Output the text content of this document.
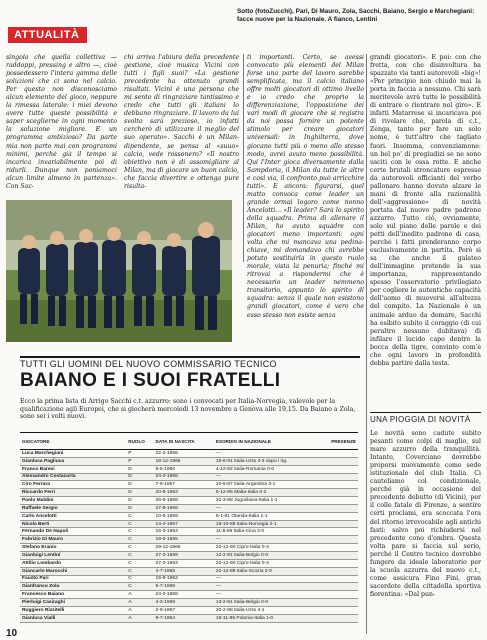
ATTUALITÀ
Sotto (fotoZucchi), Pari, Di Mauro, Zola, Sacchi, Baiano, Sergio e Marchegiani: facce nuove per la Nazionale. A fianco, Lentini
singola che quella collettiva — raddoppi, pressing e altro —, cioè possedessero l'intera gamma delle soluzioni che ci sono nel calcio. Per questo non disconosciamo alcun elemento del gioco, neppure la rimessa laterale: i miei devono avere tutte queste possibilità e saper sceglierne in ogni momento la soluzione migliore. E un programma ambizioso? Da parte mia non parto mai con programmi minimi, perché già il tempo si incarica invariabilmente poi di ridurli. Dunque non poniamoci alcun limite almeno in partenza». Con Sac-
chi arriva l'abiura della precedente gestione, cioè musica Vicini con tutti i figli suoi? «La gestione precedente ha ottenuto grandi risultati. Vicini è una persona che mi sento di ringraziare tantissimo e credo che tutti gli italiani lo debbano ringraziare. Il lavoro da lui svolto sarà prezioso, io infatti cercherò di utilizzare il meglio del suo operato». Sacchi è un Milan-dipendente, se pensa al «suuo» calcio, vede rossonero? «Il nostro obiettivo non è di assomigliare al Milan, ma di giocare un buon calcio, che faccia divertire e ottenga pure risulta-
ti importanti. Certo, se avessi convocato più elementi del Milan forse una parte del lavoro sarebbe semplificata, ma il calcio italiano offre molti giocatori di ottimo livello e io credo che proprio la differenziazione, l'opposizione dei vari modi di giocare che si registra da noi possa fornire un potente stimolo per creare giocatori universali: in Inghilterra, dove giocano tutti più o meno allo stesso modo, avrei avuto meno possibilità. Qui l'Inter gioca diversamente dalla Sampdoria, il Milan da tutte le altre e così via, il confronto può arricchire tutti». E ancora: figurarsi, quel matto convoca come leader un grande ormai logoro come nonno Ancelotti... «Il leader? Sarà lo spirito della squadra. Prima di allenare il Milan, ho avuto squadre con giocatori meno importanti: ogni volta che mi mancava una pedina-chiave, mi domandavo chi avrebbe potuto sostituirla in questo ruolo morale, vista la penuria; finché mi ritrovai a rispondermi che è necessario un leader nemmeno transitorio, appunto lo spirito di squadra: senza il quale non esistono grandi giocatori, come è vero che esso stesso non esiste senza
grandi giocatori». E poi: con che fretta, con che disinvoltura ha spazzato via tanti autorevoli «big»! «Per principio non chiudo mai la porta in faccia a nessuno. Chi sarà meritevole avrà tutte le possibilità di entrare o rientrare nel giro». E infatti Matarrese si incaricava poi di rivelare che, parola di c.t., Zenga, tanto per fare un solo nome, è tutt'altro che tagliato fuori. Insomma, convenziamone: un bel po' di pregiudizi se ne sono usciti con le ossa rotte. E anche certe brutali stroncature espresse da autorevoli officianti del verbo pallonaro hanno dovuto alzare le mani di fronte alla razionalità dell'«aggressione» di novità portata dal nuovo padre padrone azzurro. Tutto ciò, ovviamente, solo sul piano delle parole e dei petti dell'inedito padrone di casa, perché i fatti prenderanno corpo esclusivamente in partita. Però si sa che anche il galateo dell'immagine pretende la sua importanza, rappresentando spesso l'osservatorio privilegiato per cogliere le autentiche capacità dell'uomo di muoversi all'altezza del compito. La Nazionale è un animale arduo da domare, Sacchi ha esibito subito il coraggio (di cui peraltro nessuno dubitava) di infilare il lucido capo dentro la bocca della tigre, convinto com'è che ogni lavoro in profondità debba partire dalla testa.
TUTTI GLI UOMINI DEL NUOVO COMMISSARIO TECNICO
BAIANO E I SUOI FRATELLI
Ecco la prima lista di Arrigo Sacchi c.t. azzurro: sono i convocati per Italia-Norvegia, valevole per la qualificazione agli Europei, che si giocherà mercoledì 13 novembre a Genova alle 19,15. Da Baiano a Zola, sono sei i volti nuovi.
GIOCATORE	RUOLO	DATA DI NASCITA	ESORDIO IN NAZIONALE	PRESENZE
Luca Marchegiani	P	22-2-1966	—	
Gianluca Pagliuca	P	18-12-1966	16-6-91 Italia-Urss 4-3 dopo i rig.	
Franco Baresi	D	8-5-1960	4-12-82 Italia-Romania 0-0	
Alessandro Costacurta	D	24-4-1966	—	
Ciro Ferrara	D	7-6-1967	10-6-87 Italia-Argentina 3-1	
Riccardo Ferri	D	20-8-1963	6-12-86 Malta-Italia 0-2	
Paolo Maldini	D	26-6-1968	31-3-88 Jugoslavia-Italia 1-1	
Raffaele Sergio	D	27-8-1966	—	
Carlo Ancelotti	C	10-6-1959	6-1-81 Olanda-Italia 1-1	
Nicola Berti	C	14-4-1967	19-10-88 Italia-Norvegia 2-1	
Fernando De Napoli	C	15-3-1964	11-5-86 Italia-Cina 2-0	
Fabrizio Di Mauro	C	18-6-1965	—	
Stefano Eranio	C	29-12-1966	22-12-90 Cipro-Italia 0-4	
Gianluigi Lentini	C	27-3-1969	12-2-91 Italia-Belgio 0-0	
Attilio Lombardo	C	27-3-1963	22-12-90 Cipro-Italia 0-4	
Giancarlo Marocchi	C	4-7-1965	22-12-88 Italia-Scozia 2-0	
Fausto Pari	C	15-9-1962	—	
Gianfranco Zola	C	5-7-1966	—	
Francesco Baiano	A	24-2-1968	—	
Pierluigi Casiraghi	A	4-3-1969	13-2-91 Italia-Belgio 0-0	
Ruggiero Rizzitelli	A	2-9-1967	20-2-88 Italia-Urss 4-1	
Gianluca Vialli	A	9-7-1964	16-11-85 Polonia-Italia 1-0	
UNA PIOGGIA DI NOVITÀ
Le novità sono cadute subito pesanti come colpi di maglio, sul mare azzurro della tranquillità. Intanto, Coverciano dovrebbe proporsi nuovamente come sede istituzionale del club Italia. Ci cauteliamo col condizionale, perché già in occasione del precedente debutto (di Vicini), per il colle fatale di Firenze, a sentire certi proclami, era scoccata l'ora del ritorno irrevocabile agli antichi fasti: salvo poi richiudersi nel precedente cono d'ombra. Questa volta pare si faccia sul serio, perché il Centro tecnico dovrebbe fungere da ideale laboratorio per la scuola azzurra del nuovo c.t., come assicura Fino Fini, gran sacerdote della cittadella sportiva fiorentina: «Dal pun-
10
